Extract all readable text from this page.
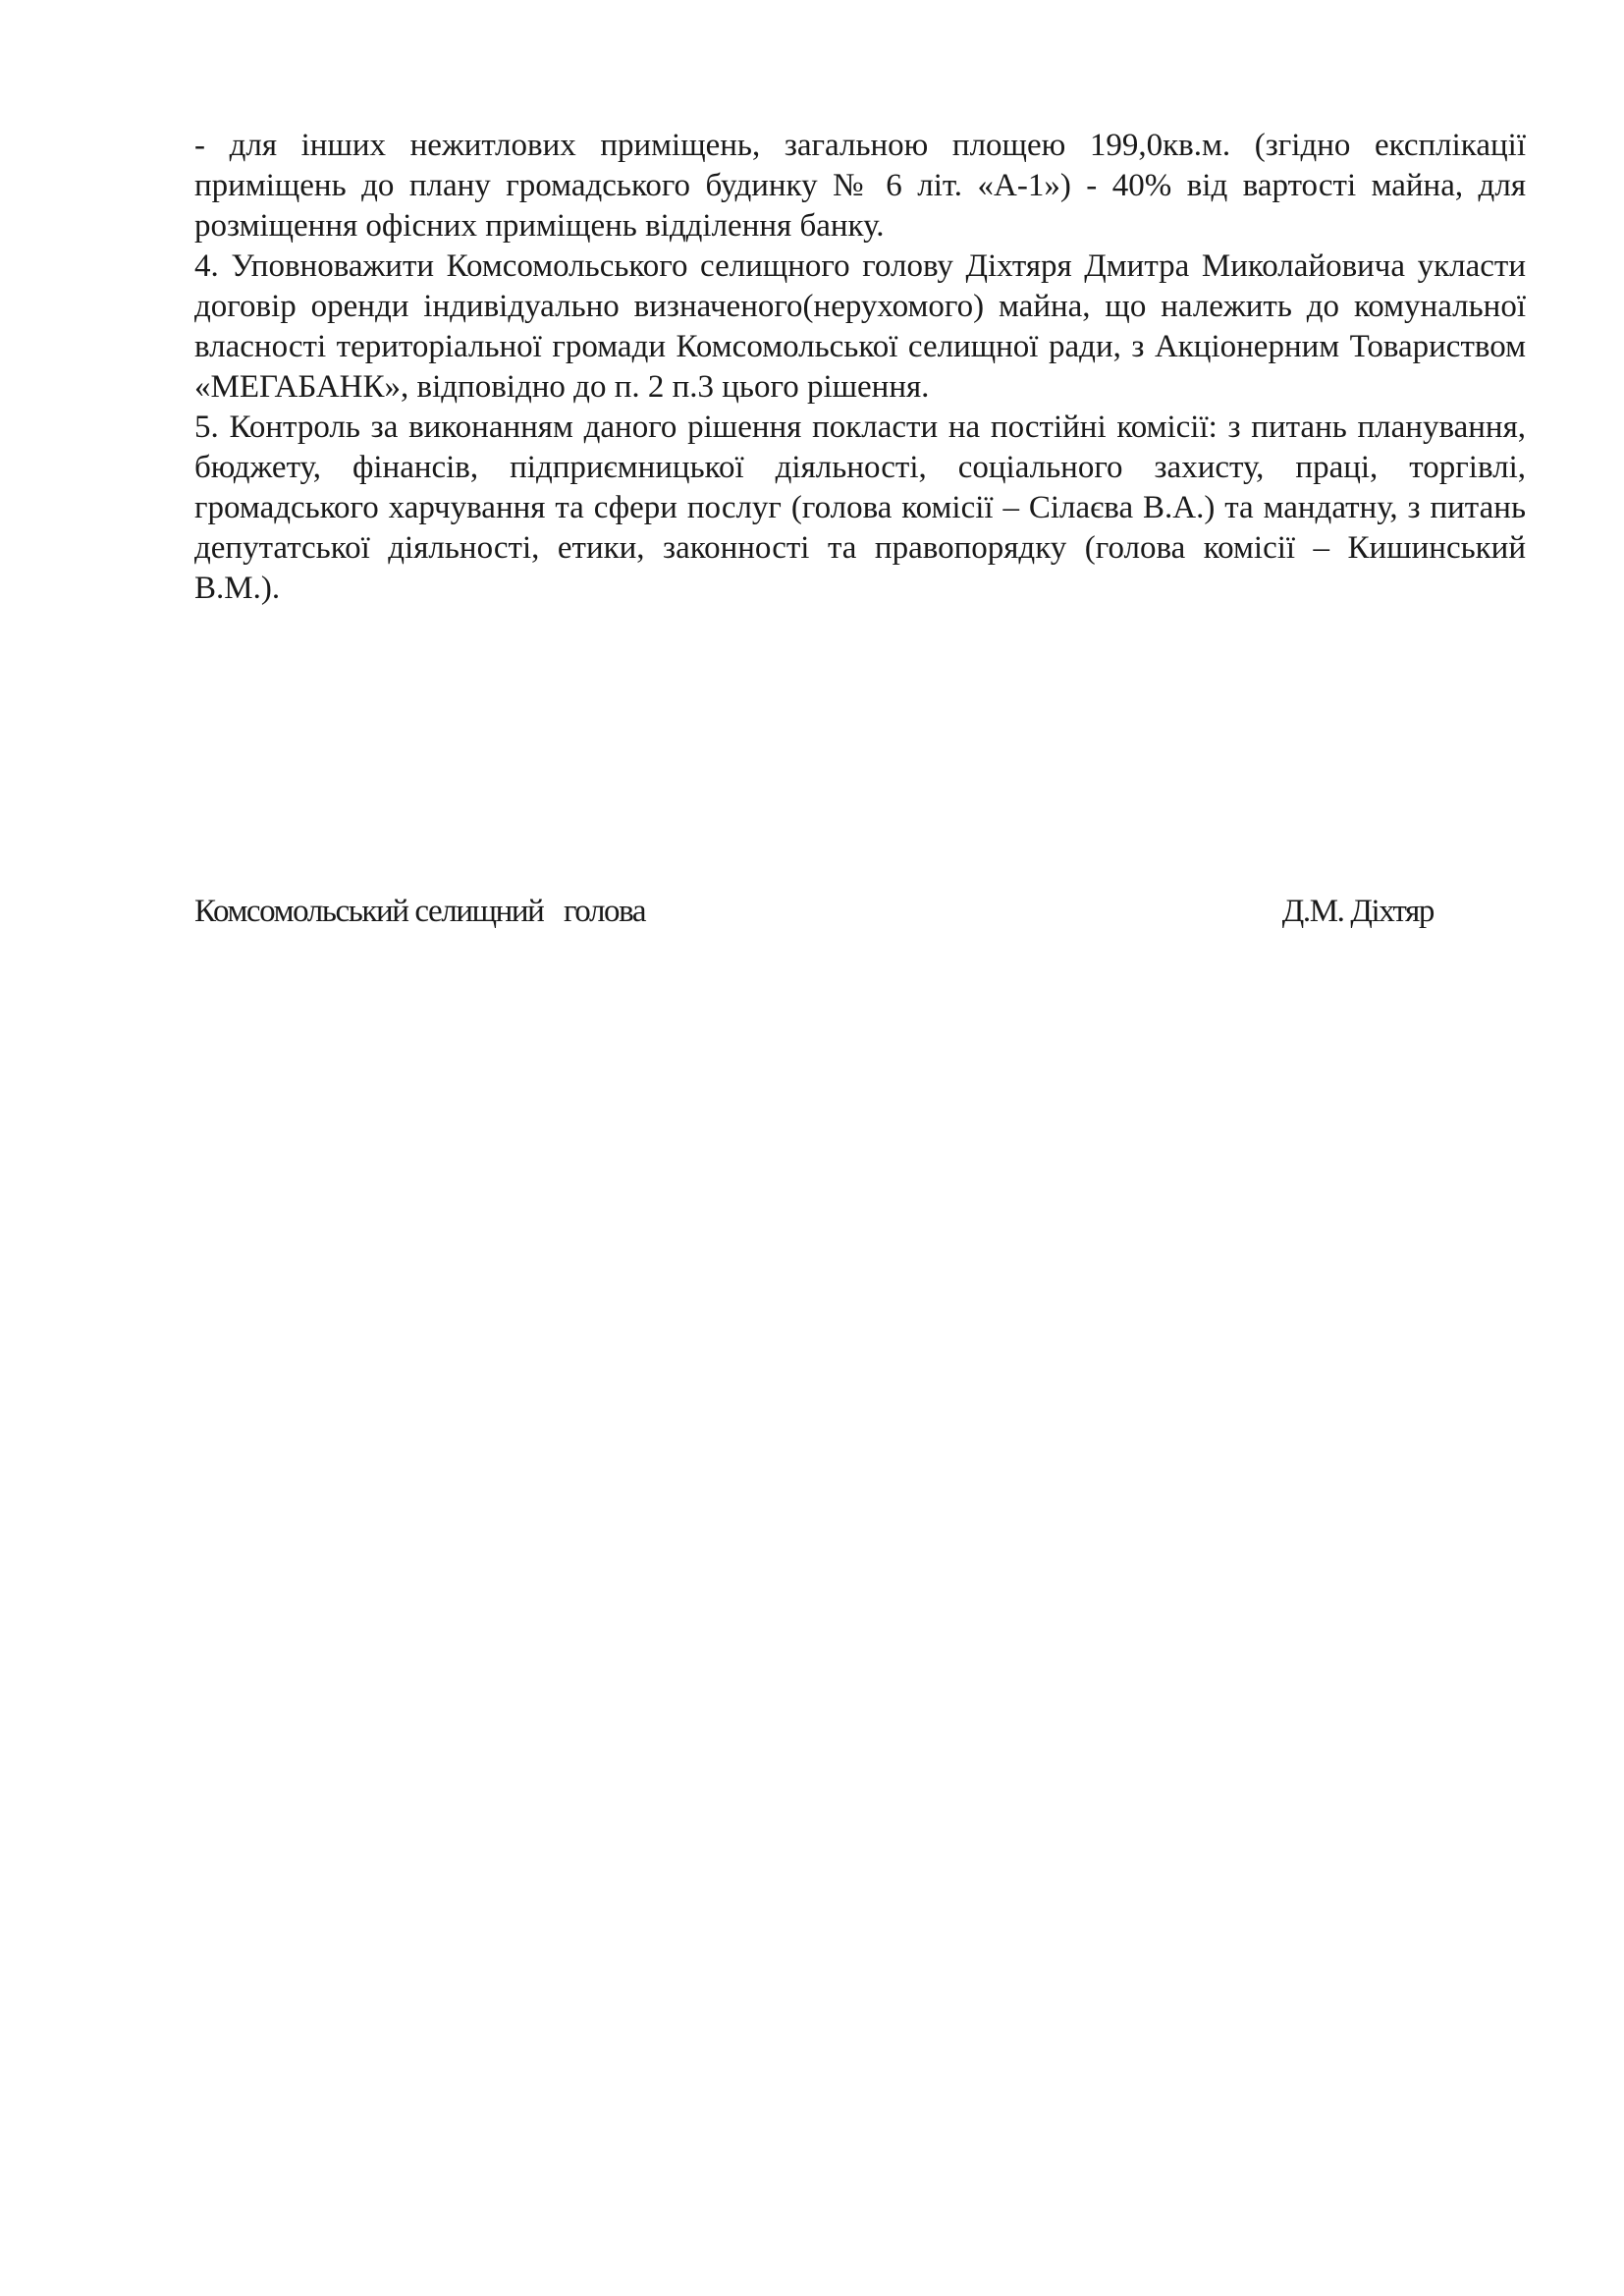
- для інших нежитлових приміщень, загальною площею 199,0кв.м. (згідно експлікації приміщень до плану громадського будинку № 6 літ. «А-1») - 40% від вартості майна, для розміщення офісних приміщень відділення банку.

4. Уповноважити Комсомольського селищного голову Діхтяря Дмитра Миколайовича укласти договір оренди індивідуально визначеного(нерухомого) майна, що належить до комунальної власності територіальної громади Комсомольської селищної ради, з Акціонерним Товариством «МЕГАБАНК», відповідно до п. 2 п.3 цього рішення.

5. Контроль за виконанням даного рішення покласти на постійні комісії: з питань планування, бюджету, фінансів, підприємницької діяльності, соціального захисту, праці, торгівлі, громадського харчування та сфери послуг (голова комісії – Сілаєва В.А.) та мандатну, з питань депутатської діяльності, етики, законності та правопорядку (голова комісії – Кишинський В.М.).

Комсомольський селищний   голова	Д.М. Діхтяр
